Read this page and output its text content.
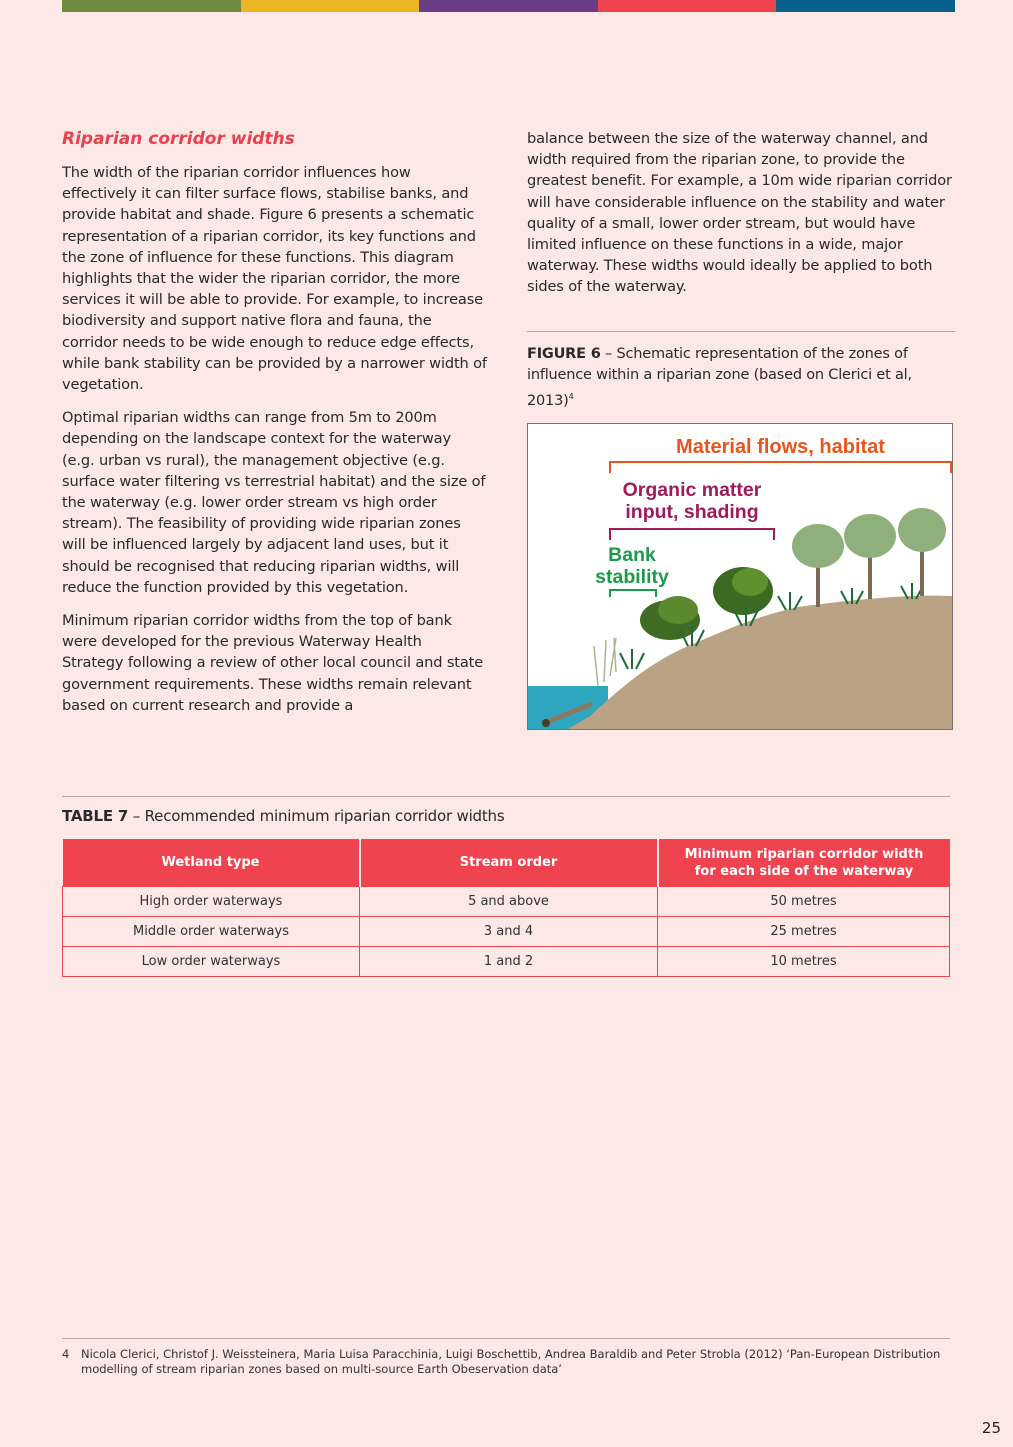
Riparian corridor widths

The width of the riparian corridor influences how effectively it can filter surface flows, stabilise banks, and provide habitat and shade. Figure 6 presents a schematic representation of a riparian corridor, its key functions and the zone of influence for these functions. This diagram highlights that the wider the riparian corridor, the more services it will be able to provide. For example, to increase biodiversity and support native flora and fauna, the corridor needs to be wide enough to reduce edge effects, while bank stability can be provided by a narrower width of vegetation.

Optimal riparian widths can range from 5m to 200m depending on the landscape context for the waterway (e.g. urban vs rural), the management objective (e.g. surface water filtering vs terrestrial habitat) and the size of the waterway (e.g. lower order stream vs high order stream). The feasibility of providing wide riparian zones will be influenced largely by adjacent land uses, but it should be recognised that reducing riparian widths, will reduce the function provided by this vegetation.

Minimum riparian corridor widths from the top of bank were developed for the previous Waterway Health Strategy following a review of other local council and state government requirements. These widths remain relevant based on current research and provide a

balance between the size of the waterway channel, and width required from the riparian zone, to provide the greatest benefit. For example, a 10m wide riparian corridor will have considerable influence on the stability and water quality of a small, lower order stream, but would have limited influence on these functions in a wide, major waterway. These widths would ideally be applied to both sides of the waterway.

FIGURE 6 – Schematic representation of the zones of influence within a riparian zone (based on Clerici et al, 2013)$^4$

Material flows, habitat
Organic matter
input, shading
Bank
stability
TABLE 7 – Recommended minimum riparian corridor widths
Wetland type	Stream order	Minimum riparian corridor width for each side of the waterway
High order waterways	5 and above	50 metres
Middle order waterways	3 and 4	25 metres
Low order waterways	1 and 2	10 metres
4 Nicola Clerici, Christof J. Weissteinera, Maria Luisa Paracchinia, Luigi Boschettib, Andrea Baraldib and Peter Strobla (2012) ‘Pan-European Distribution modelling of stream riparian zones based on multi-source Earth Obeservation data’
25
